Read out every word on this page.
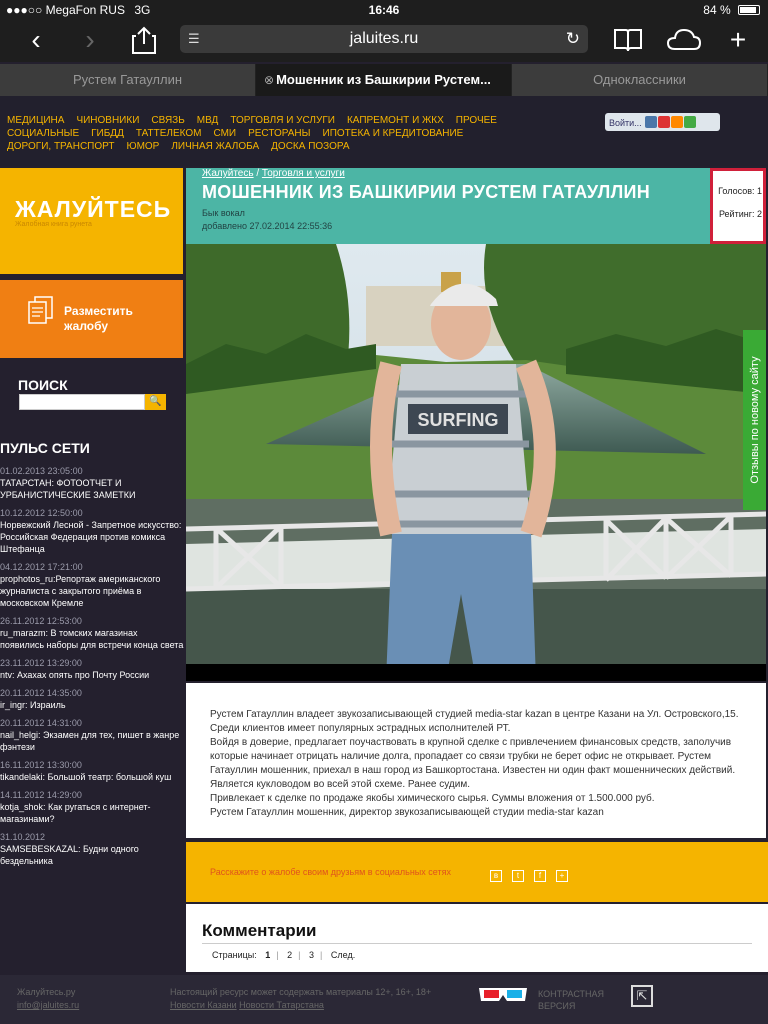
●●●○○ MegaFon RUS 3G	16:46	84 %
‹	›	☰	jaluites.ru	↻	+
Рустем Гатауллин	⊗ Мошенник из Башкирии Рустем...	Одноклассники
МЕДИЦИНА ЧИНОВНИКИ СВЯЗЬ МВД ТОРГОВЛЯ И УСЛУГИ КАПРЕМОНТ И ЖКХ ПРОЧЕЕ
СОЦИАЛЬНЫЕ ГИБДД ТАТТЕЛЕКОМ СМИ РЕСТОРАНЫ ИПОТЕКА И КРЕДИТОВАНИЕ
ДОРОГИ, ТРАНСПОРТ ЮМОР ЛИЧНАЯ ЖАЛОБА ДОСКА ПОЗОРА
Войти...
ЖАЛУЙТЕСЬ
Жалобная книга рунета
Разместить жалобу
ПОИСК
🔍
ПУЛЬС СЕТИ
01.02.2013 23:05:00
ТАТАРСТАН: ФОТООТЧЕТ И УРБАНИСТИЧЕСКИЕ ЗАМЕТКИ
10.12.2012 12:50:00
Норвежский Лесной - Запретное искусство: Российская Федерация против комикса Штефанца
04.12.2012 17:21:00
prophotos_ru:Репортаж американского журналиста с закрытого приёма в московском Кремле
26.11.2012 12:53:00
ru_marazm: В томских магазинах появились наборы для встречи конца света
23.11.2012 13:29:00
ntv: Ахахах опять про Почту России
20.11.2012 14:35:00
ir_ingr: Израиль
20.11.2012 14:31:00
nail_helgi: Экзамен для тех, пишет в жанре фэнтези
16.11.2012 13:30:00
tikandelaki: Большой театр: большой куш
14.11.2012 14:29:00
kotja_shok: Как ругаться с интернет-магазинами?
31.10.2012
SAMSEBESKAZAL: Будни одного бездельника
Жалуйтесь / Торговля и услуги
МОШЕННИК ИЗ БАШКИРИИ РУСТЕМ ГАТАУЛЛИН
Бык вокал
добавлено 27.02.2014 22:55:36
Голосов: 1
Рейтинг: 2
SURFING	Отзывы по новому сайту
Рустем Гатауллин владеет звукозаписывающей студией media-star kazan в центре Казани на Ул. Островского,15. Среди клиентов имеет популярных эстрадных исполнителей РТ.
Войдя в доверие, предлагает поучаствовать в крупной сделке с привлечением финансовых средств, заполучив которые начинает отрицать наличие долга, пропадает со связи трубки не берет офис не открывает. Рустем Гатауллин мошенник, приехал в наш город из Башкортостана. Известен ни один факт мошеннических действий. Является кукловодом во всей этой схеме. Ранее судим.
Привлекает к сделке по продаже якобы химического сырья. Суммы вложения от 1.500.000 руб.
Рустем Гатауллин мошенник, директор звукозаписывающей студии media-star kazan
Расскажите о жалобе своим друзьям в социальных сетях	в t f +
Комментарии
Страницы: 1 | 2 | 3 | След.
Жалуйтесь.ру
info@jaluites.ru
Настоящий ресурс может содержать материалы 12+, 16+, 18+
Новости Казани Новости Татарстана
КОНТРАСТНАЯ ВЕРСИЯ
⇱
